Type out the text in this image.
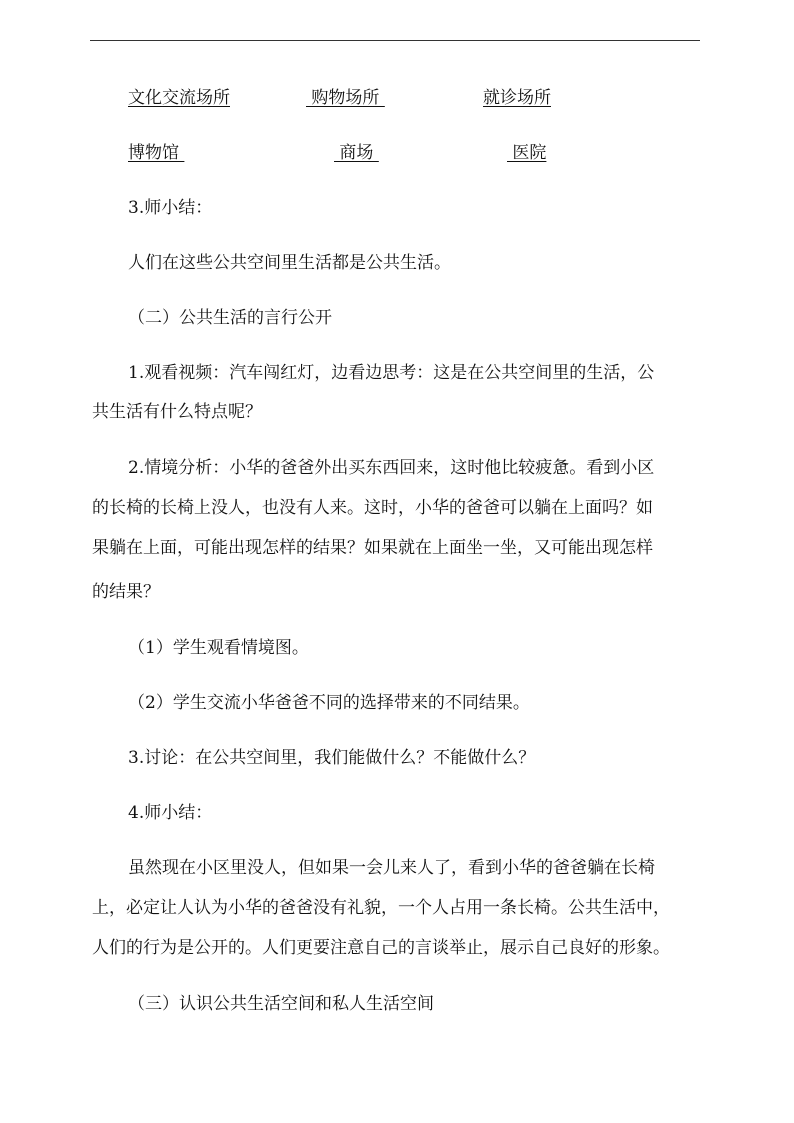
文化交流场所	购物场所	就诊场所
博物馆	商场	医院
3.师小结：
人们在这些公共空间里生活都是公共生活。
（二）公共生活的言行公开
1.观看视频：汽车闯红灯，边看边思考：这是在公共空间里的生活，公
共生活有什么特点呢？
2.情境分析：小华的爸爸外出买东西回来，这时他比较疲惫。看到小区
的长椅的长椅上没人，也没有人来。这时，小华的爸爸可以躺在上面吗？如
果躺在上面，可能出现怎样的结果？如果就在上面坐一坐，又可能出现怎样
的结果？
（1）学生观看情境图。
（2）学生交流小华爸爸不同的选择带来的不同结果。
3.讨论：在公共空间里，我们能做什么？不能做什么？
4.师小结：
虽然现在小区里没人，但如果一会儿来人了，看到小华的爸爸躺在长椅
上，必定让人认为小华的爸爸没有礼貌，一个人占用一条长椅。公共生活中，
人们的行为是公开的。人们更要注意自己的言谈举止，展示自己良好的形象。
（三）认识公共生活空间和私人生活空间
